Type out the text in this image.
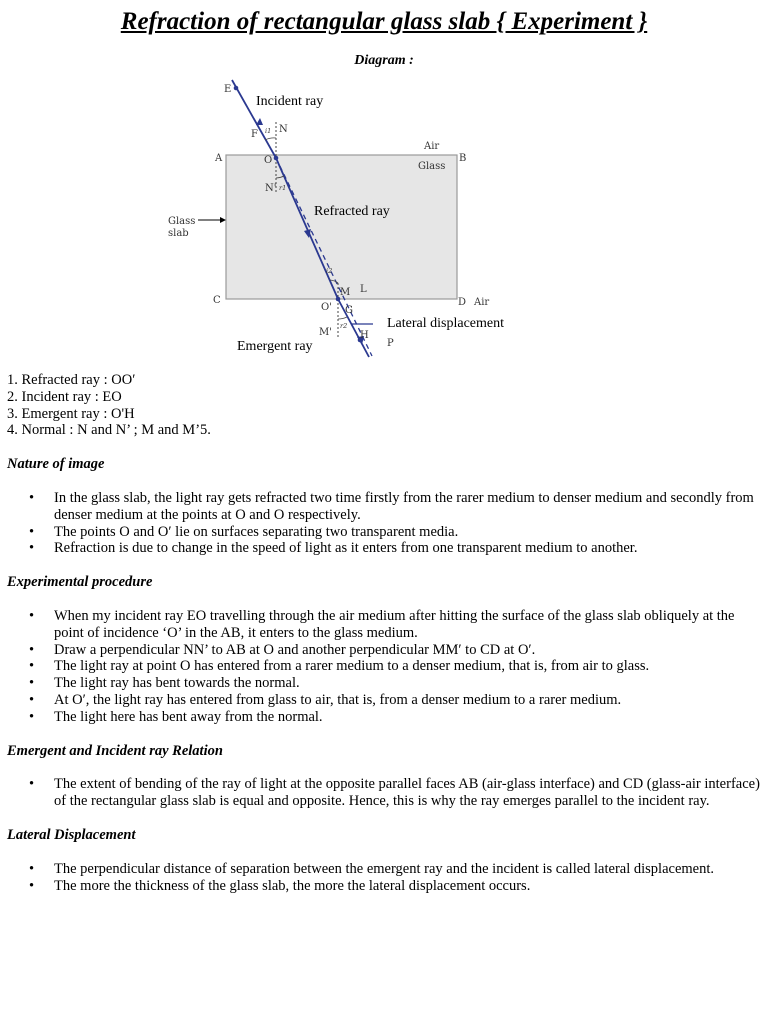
Refraction of rectangular glass slab { Experiment }
Diagram :
E
F N
O
N'
A	B
C	D
M L
O' G
M'	H
P
Air
Glass
Air
Glass
slab
i1
r1
i2
r2
Incident ray
Refracted ray
Emergent ray
Lateral displacement
1. Refracted ray : OO′
2. Incident ray : EO
3. Emergent ray : O'H
4. Normal : N and N’ ; M and M’5.
Nature of image
• In the glass slab, the light ray gets refracted two time firstly from the rarer medium to denser medium and secondly from denser medium at the points at O and O respectively.
• The points O and O′ lie on surfaces separating two transparent media.
• Refraction is due to change in the speed of light as it enters from one transparent medium to another.
Experimental procedure
• When my incident ray EO travelling through the air medium after hitting the surface of the glass slab obliquely at the point of incidence ‘O’ in the AB, it enters to the glass medium.
• Draw a perpendicular NN’ to AB at O and another perpendicular MM′ to CD at O′.
• The light ray at point O has entered from a rarer medium to a denser medium, that is, from air to glass.
• The light ray has bent towards the normal.
• At O′, the light ray has entered from glass to air, that is, from a denser medium to a rarer medium.
• The light here has bent away from the normal.
Emergent and Incident ray Relation
• The extent of bending of the ray of light at the opposite parallel faces AB (air-glass interface) and CD (glass-air interface) of the rectangular glass slab is equal and opposite. Hence, this is why the ray emerges parallel to the incident ray.
Lateral Displacement
• The perpendicular distance of separation between the emergent ray and the incident is called lateral displacement.
• The more the thickness of the glass slab, the more the lateral displacement occurs.
